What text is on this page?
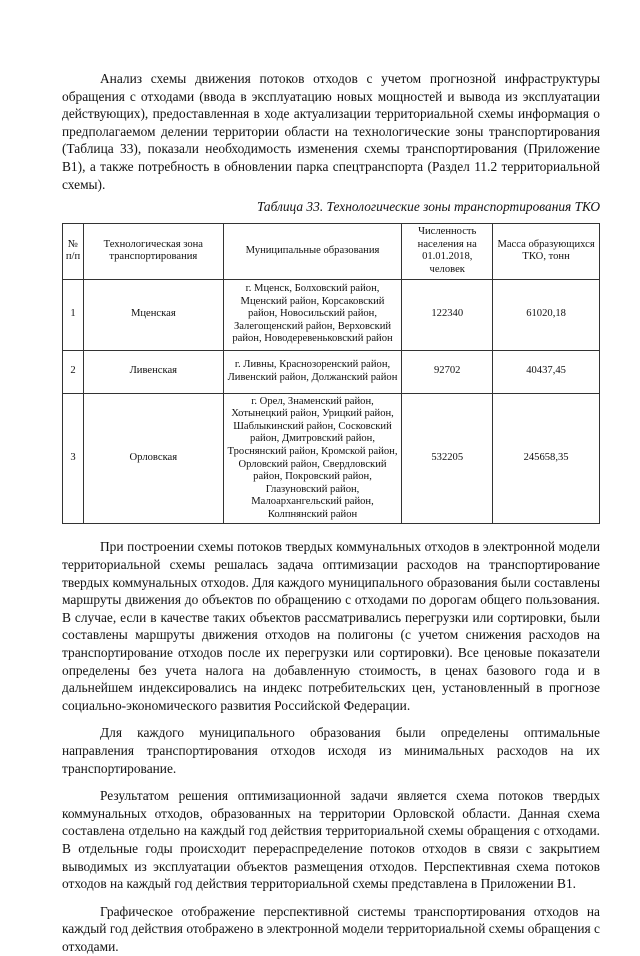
Анализ схемы движения потоков отходов с учетом прогнозной инфраструктуры обращения с отходами (ввода в эксплуатацию новых мощностей и вывода из эксплуатации действующих), предоставленная в ходе актуализации территориальной схемы информация о предполагаемом делении территории области на технологические зоны транспортирования (Таблица 33), показали необходимость изменения схемы транспортирования (Приложение В1), а также потребность в обновлении парка спецтранспорта (Раздел 11.2 территориальной схемы).

Таблица 33. Технологические зоны транспортирования ТКО
№ п/п	Технологическая зона транспортирования	Муниципальные образования	Численность населения на 01.01.2018, человек	Масса образующихся ТКО, тонн
1	Мценская	г. Мценск, Болховский район, Мценский район, Корсаковский район, Новосильский район, Залегощенский район, Верховский район, Новодеревеньковский район	122340	61020,18
2	Ливенская	г. Ливны, Краснозоренский район, Ливенский район, Должанский район	92702	40437,45
3	Орловская	г. Орел, Знаменский район, Хотынецкий район, Урицкий район, Шаблыкинский район, Сосковский район, Дмитровский район, Троснянский район, Кромской район, Орловский район, Свердловский район, Покровский район, Глазуновский район, Малоархангельский район, Колпнянский район	532205	245658,35

При построении схемы потоков твердых коммунальных отходов в электронной модели территориальной схемы решалась задача оптимизации расходов на транспортирование твердых коммунальных отходов. Для каждого муниципального образования были составлены маршруты движения до объектов по обращению с отходами по дорогам общего пользования. В случае, если в качестве таких объектов рассматривались перегрузки или сортировки, были составлены маршруты движения отходов на полигоны (с учетом снижения расходов на транспортирование отходов после их перегрузки или сортировки). Все ценовые показатели определены без учета налога на добавленную стоимость, в ценах базового года и в дальнейшем индексировались на индекс потребительских цен, установленный в прогнозе социально-экономического развития Российской Федерации.

Для каждого муниципального образования были определены оптимальные направления транспортирования отходов исходя из минимальных расходов на их транспортирование.

Результатом решения оптимизационной задачи является схема потоков твердых коммунальных отходов, образованных на территории Орловской области. Данная схема составлена отдельно на каждый год действия территориальной схемы обращения с отходами. В отдельные годы происходит перераспределение потоков отходов в связи с закрытием выводимых из эксплуатации объектов размещения отходов. Перспективная схема потоков отходов на каждый год действия территориальной схемы представлена в Приложении В1.

Графическое отображение перспективной системы транспортирования отходов на каждый год действия отображено в электронной модели территориальной схемы обращения с отходами.
